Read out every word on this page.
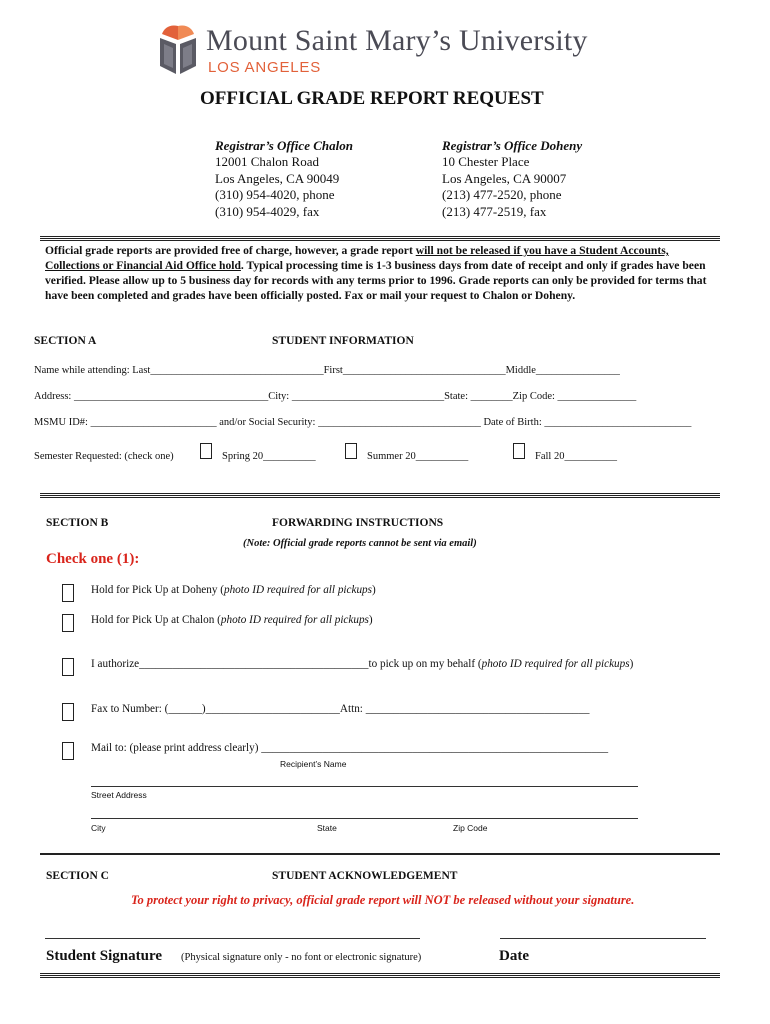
Mount Saint Mary’s University
LOS ANGELES
OFFICIAL GRADE REPORT REQUEST
Registrar’s Office Chalon
12001 Chalon Road
Los Angeles, CA 90049
(310) 954-4020, phone
(310) 954-4029, fax
Registrar’s Office Doheny
10 Chester Place
Los Angeles, CA 90007
(213) 477-2520, phone
(213) 477-2519, fax
Official grade reports are provided free of charge, however, a grade report will not be released if you have a Student Accounts, Collections or Financial Aid Office hold. Typical processing time is 1-3 business days from date of receipt and only if grades have been verified. Please allow up to 5 business day for records with any terms prior to 1996. Grade reports can only be provided for terms that have been completed and grades have been officially posted. Fax or mail your request to Chalon or Doheny.
SECTION A	STUDENT INFORMATION
Name while attending: Last_________________________________First_______________________________Middle________________
Address: _____________________________________City: _____________________________State: ________Zip Code: _______________
MSMU ID#: ________________________ and/or Social Security: _______________________________ Date of Birth: ____________________________
Semester Requested: (check one)	Spring 20__________	Summer 20__________	Fall 20__________
SECTION B	FORWARDING INSTRUCTIONS
(Note: Official grade reports cannot be sent via email)
Check one (1):
Hold for Pick Up at Doheny (photo ID required for all pickups)
Hold for Pick Up at Chalon (photo ID required for all pickups)
I authorize_________________________________________to pick up on my behalf (photo ID required for all pickups)
Fax to Number: (______)________________________Attn: ________________________________________
Mail to: (please print address clearly) ______________________________________________________________
Recipient’s Name
Street Address
City	State	Zip Code
SECTION C	STUDENT ACKNOWLEDGEMENT
To protect your right to privacy, official grade report will NOT be released without your signature.
Student Signature (Physical signature only - no font or electronic signature)	Date
